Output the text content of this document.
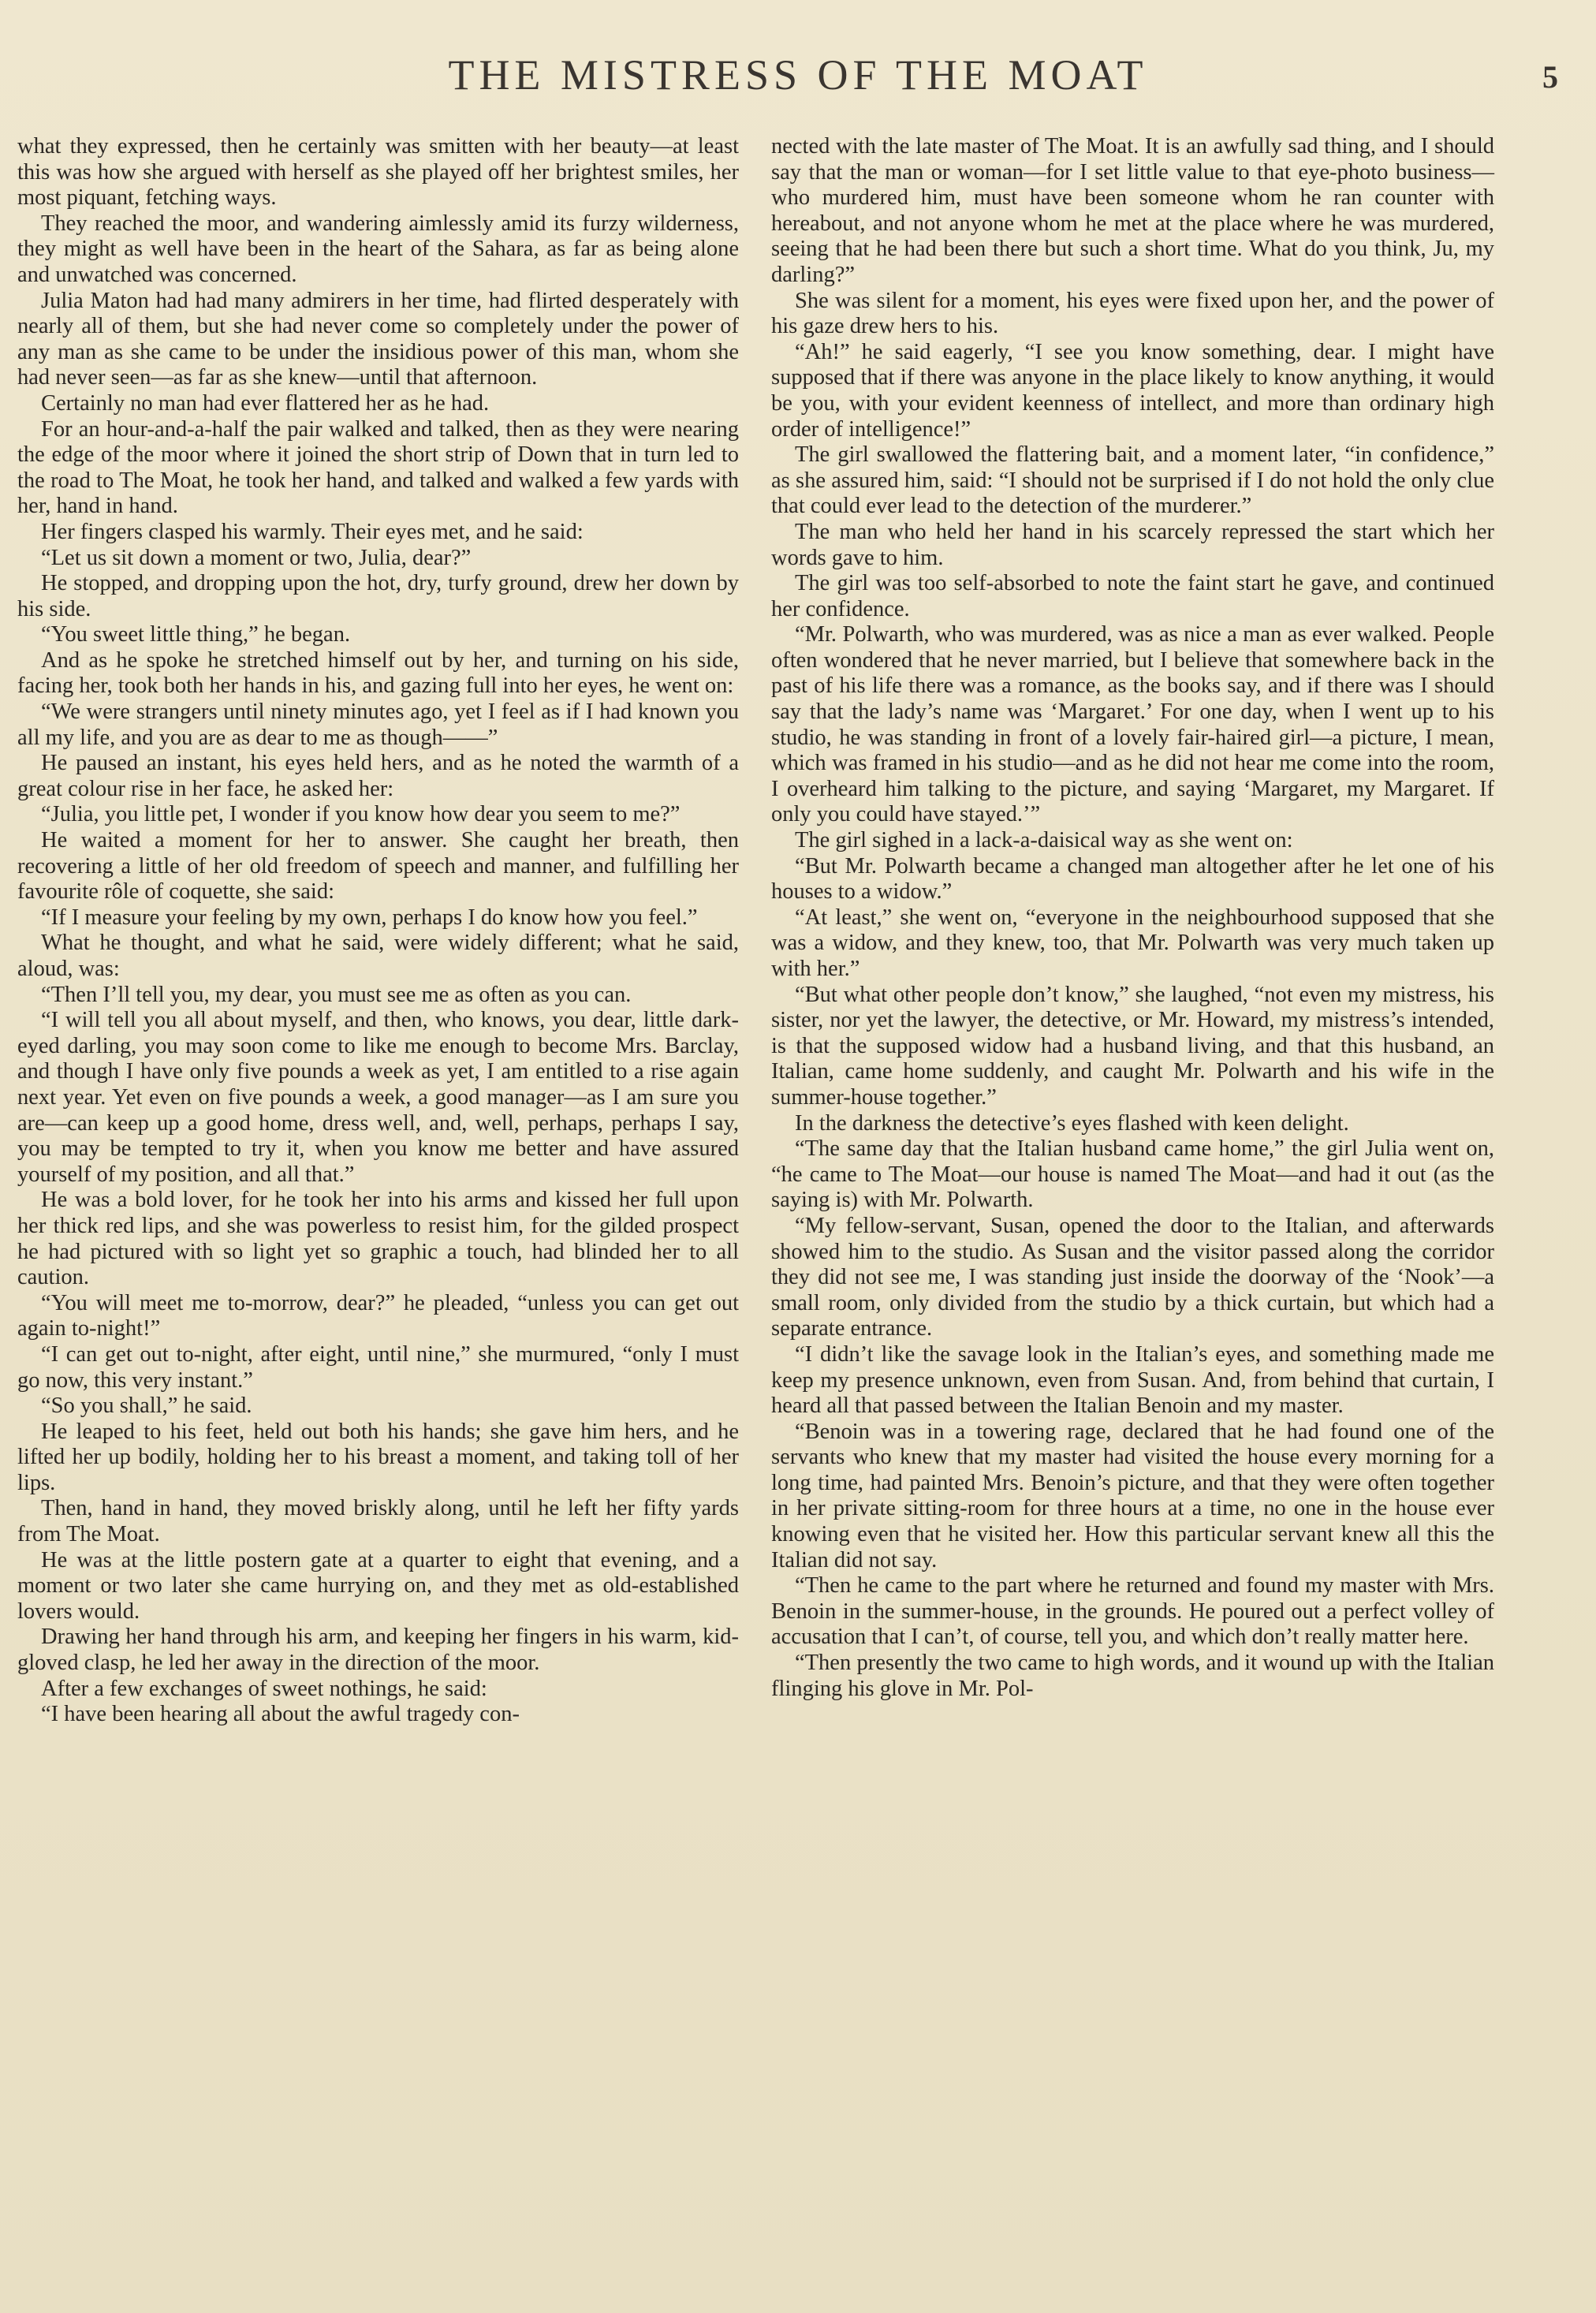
THE MISTRESS OF THE MOAT	5

what they expressed, then he certainly was smitten with her beauty—at least this was how she argued with herself as she played off her brightest smiles, her most piquant, fetching ways.

They reached the moor, and wandering aimlessly amid its furzy wilderness, they might as well have been in the heart of the Sahara, as far as being alone and unwatched was concerned.

Julia Maton had had many admirers in her time, had flirted desperately with nearly all of them, but she had never come so completely under the power of any man as she came to be under the insidious power of this man, whom she had never seen—as far as she knew—until that afternoon.

Certainly no man had ever flattered her as he had.

For an hour-and-a-half the pair walked and talked, then as they were nearing the edge of the moor where it joined the short strip of Down that in turn led to the road to The Moat, he took her hand, and talked and walked a few yards with her, hand in hand.

Her fingers clasped his warmly. Their eyes met, and he said:

“Let us sit down a moment or two, Julia, dear?”

He stopped, and dropping upon the hot, dry, turfy ground, drew her down by his side.

“You sweet little thing,” he began.

And as he spoke he stretched himself out by her, and turning on his side, facing her, took both her hands in his, and gazing full into her eyes, he went on:

“We were strangers until ninety minutes ago, yet I feel as if I had known you all my life, and you are as dear to me as though——”

He paused an instant, his eyes held hers, and as he noted the warmth of a great colour rise in her face, he asked her:

“Julia, you little pet, I wonder if you know how dear you seem to me?”

He waited a moment for her to answer. She caught her breath, then recovering a little of her old freedom of speech and manner, and fulfilling her favourite rôle of coquette, she said:

“If I measure your feeling by my own, perhaps I do know how you feel.”

What he thought, and what he said, were widely different; what he said, aloud, was:

“Then I’ll tell you, my dear, you must see me as often as you can.

“I will tell you all about myself, and then, who knows, you dear, little dark-eyed darling, you may soon come to like me enough to become Mrs. Barclay, and though I have only five pounds a week as yet, I am entitled to a rise again next year. Yet even on five pounds a week, a good manager—as I am sure you are—can keep up a good home, dress well, and, well, perhaps, perhaps I say, you may be tempted to try it, when you know me better and have assured yourself of my position, and all that.”

He was a bold lover, for he took her into his arms and kissed her full upon her thick red lips, and she was powerless to resist him, for the gilded prospect he had pictured with so light yet so graphic a touch, had blinded her to all caution.

“You will meet me to-morrow, dear?” he pleaded, “unless you can get out again to-night!”

“I can get out to-night, after eight, until nine,” she murmured, “only I must go now, this very instant.”

“So you shall,” he said.

He leaped to his feet, held out both his hands; she gave him hers, and he lifted her up bodily, holding her to his breast a moment, and taking toll of her lips.

Then, hand in hand, they moved briskly along, until he left her fifty yards from The Moat.

He was at the little postern gate at a quarter to eight that evening, and a moment or two later she came hurrying on, and they met as old-established lovers would.

Drawing her hand through his arm, and keeping her fingers in his warm, kid-gloved clasp, he led her away in the direction of the moor.

After a few exchanges of sweet nothings, he said:

“I have been hearing all about the awful tragedy con-

nected with the late master of The Moat. It is an awfully sad thing, and I should say that the man or woman—for I set little value to that eye-photo business—who murdered him, must have been someone whom he ran counter with hereabout, and not anyone whom he met at the place where he was murdered, seeing that he had been there but such a short time. What do you think, Ju, my darling?”

She was silent for a moment, his eyes were fixed upon her, and the power of his gaze drew hers to his.

“Ah!” he said eagerly, “I see you know something, dear. I might have supposed that if there was anyone in the place likely to know anything, it would be you, with your evident keenness of intellect, and more than ordinary high order of intelligence!”

The girl swallowed the flattering bait, and a moment later, “in confidence,” as she assured him, said: “I should not be surprised if I do not hold the only clue that could ever lead to the detection of the murderer.”

The man who held her hand in his scarcely repressed the start which her words gave to him.

The girl was too self-absorbed to note the faint start he gave, and continued her confidence.

“Mr. Polwarth, who was murdered, was as nice a man as ever walked. People often wondered that he never married, but I believe that somewhere back in the past of his life there was a romance, as the books say, and if there was I should say that the lady’s name was ‘Margaret.’ For one day, when I went up to his studio, he was standing in front of a lovely fair-haired girl—a picture, I mean, which was framed in his studio—and as he did not hear me come into the room, I overheard him talking to the picture, and saying ‘Margaret, my Margaret. If only you could have stayed.’”

The girl sighed in a lack-a-daisical way as she went on:

“But Mr. Polwarth became a changed man altogether after he let one of his houses to a widow.”

“At least,” she went on, “everyone in the neighbourhood supposed that she was a widow, and they knew, too, that Mr. Polwarth was very much taken up with her.”

“But what other people don’t know,” she laughed, “not even my mistress, his sister, nor yet the lawyer, the detective, or Mr. Howard, my mistress’s intended, is that the supposed widow had a husband living, and that this husband, an Italian, came home suddenly, and caught Mr. Polwarth and his wife in the summer-house together.”

In the darkness the detective’s eyes flashed with keen delight.

“The same day that the Italian husband came home,” the girl Julia went on, “he came to The Moat—our house is named The Moat—and had it out (as the saying is) with Mr. Polwarth.

“My fellow-servant, Susan, opened the door to the Italian, and afterwards showed him to the studio. As Susan and the visitor passed along the corridor they did not see me, I was standing just inside the doorway of the ‘Nook’—a small room, only divided from the studio by a thick curtain, but which had a separate entrance.

“I didn’t like the savage look in the Italian’s eyes, and something made me keep my presence unknown, even from Susan. And, from behind that curtain, I heard all that passed between the Italian Benoin and my master.

“Benoin was in a towering rage, declared that he had found one of the servants who knew that my master had visited the house every morning for a long time, had painted Mrs. Benoin’s picture, and that they were often together in her private sitting-room for three hours at a time, no one in the house ever knowing even that he visited her. How this particular servant knew all this the Italian did not say.

“Then he came to the part where he returned and found my master with Mrs. Benoin in the summer-house, in the grounds. He poured out a perfect volley of accusation that I can’t, of course, tell you, and which don’t really matter here.

“Then presently the two came to high words, and it wound up with the Italian flinging his glove in Mr. Pol-
